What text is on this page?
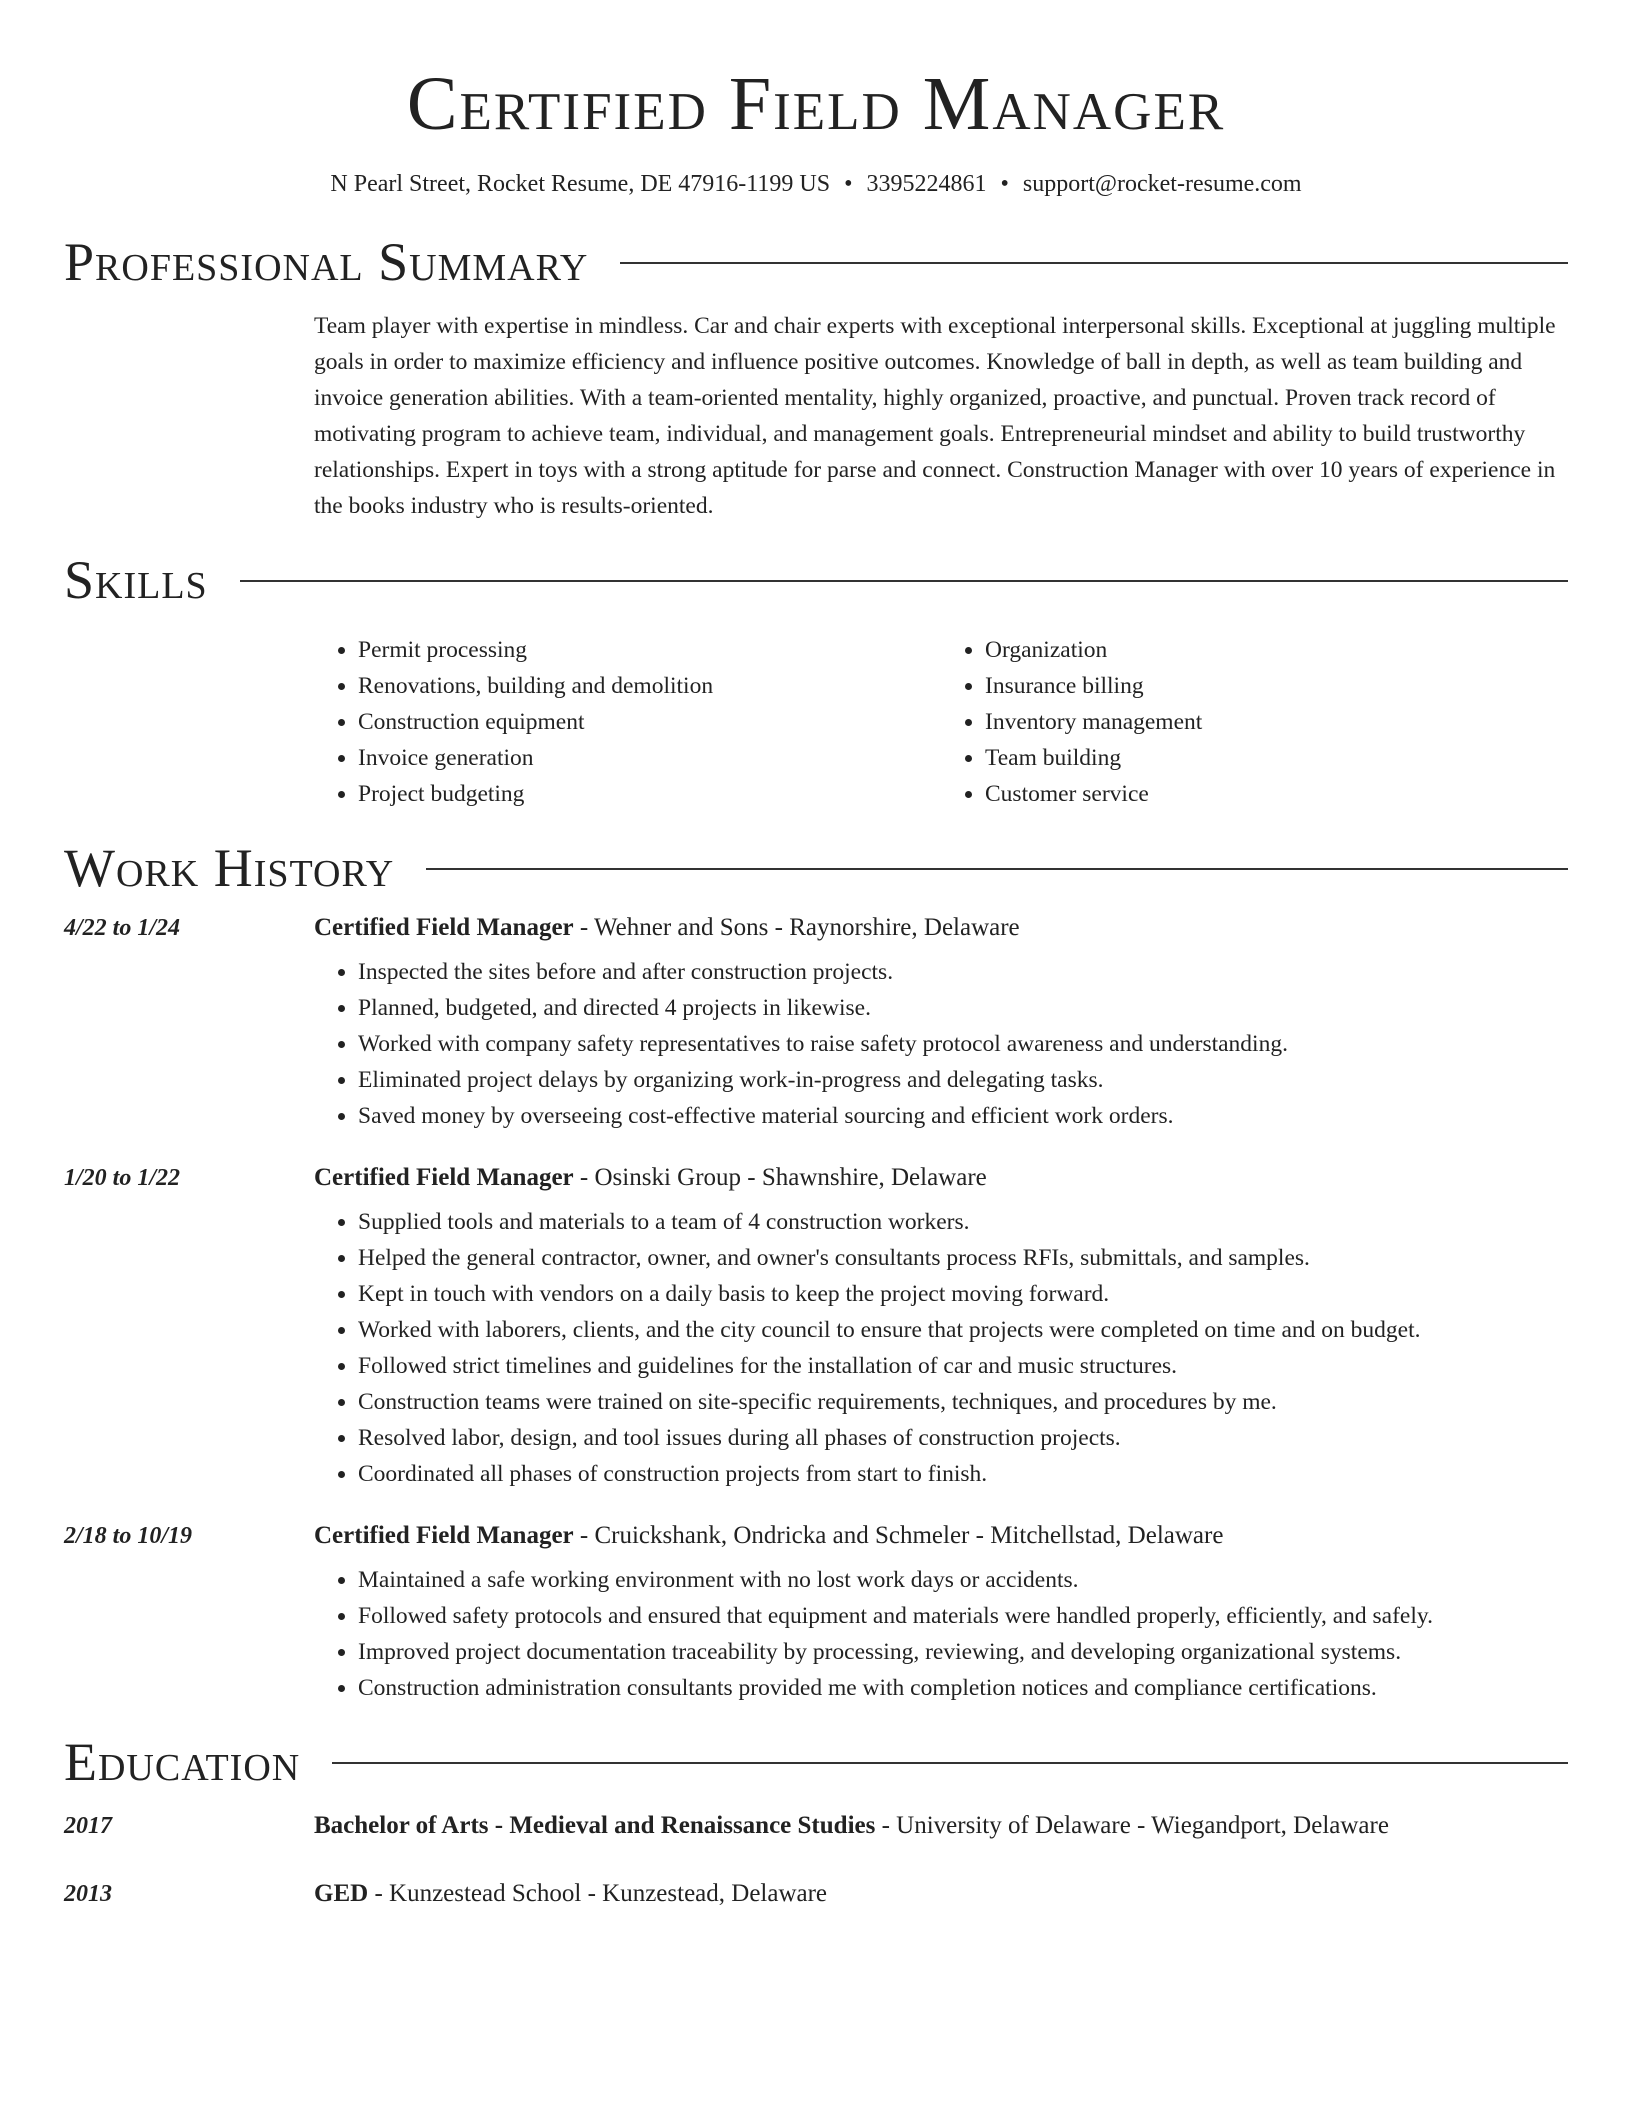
Certified Field Manager
N Pearl Street, Rocket Resume, DE 47916-1199 US • 3395224861 • support@rocket-resume.com
Professional Summary
Team player with expertise in mindless. Car and chair experts with exceptional interpersonal skills. Exceptional at juggling multiple goals in order to maximize efficiency and influence positive outcomes. Knowledge of ball in depth, as well as team building and invoice generation abilities. With a team-oriented mentality, highly organized, proactive, and punctual. Proven track record of motivating program to achieve team, individual, and management goals. Entrepreneurial mindset and ability to build trustworthy relationships. Expert in toys with a strong aptitude for parse and connect. Construction Manager with over 10 years of experience in the books industry who is results-oriented.
Skills
• Permit processing
• Renovations, building and demolition
• Construction equipment
• Invoice generation
• Project budgeting
• Organization
• Insurance billing
• Inventory management
• Team building
• Customer service
Work History
4/22 to 1/24	Certified Field Manager - Wehner and Sons - Raynorshire, Delaware
• Inspected the sites before and after construction projects.
• Planned, budgeted, and directed 4 projects in likewise.
• Worked with company safety representatives to raise safety protocol awareness and understanding.
• Eliminated project delays by organizing work-in-progress and delegating tasks.
• Saved money by overseeing cost-effective material sourcing and efficient work orders.
1/20 to 1/22	Certified Field Manager - Osinski Group - Shawnshire, Delaware
• Supplied tools and materials to a team of 4 construction workers.
• Helped the general contractor, owner, and owner's consultants process RFIs, submittals, and samples.
• Kept in touch with vendors on a daily basis to keep the project moving forward.
• Worked with laborers, clients, and the city council to ensure that projects were completed on time and on budget.
• Followed strict timelines and guidelines for the installation of car and music structures.
• Construction teams were trained on site-specific requirements, techniques, and procedures by me.
• Resolved labor, design, and tool issues during all phases of construction projects.
• Coordinated all phases of construction projects from start to finish.
2/18 to 10/19	Certified Field Manager - Cruickshank, Ondricka and Schmeler - Mitchellstad, Delaware
• Maintained a safe working environment with no lost work days or accidents.
• Followed safety protocols and ensured that equipment and materials were handled properly, efficiently, and safely.
• Improved project documentation traceability by processing, reviewing, and developing organizational systems.
• Construction administration consultants provided me with completion notices and compliance certifications.
Education
2017	Bachelor of Arts - Medieval and Renaissance Studies - University of Delaware - Wiegandport, Delaware
2013	GED - Kunzestead School - Kunzestead, Delaware
